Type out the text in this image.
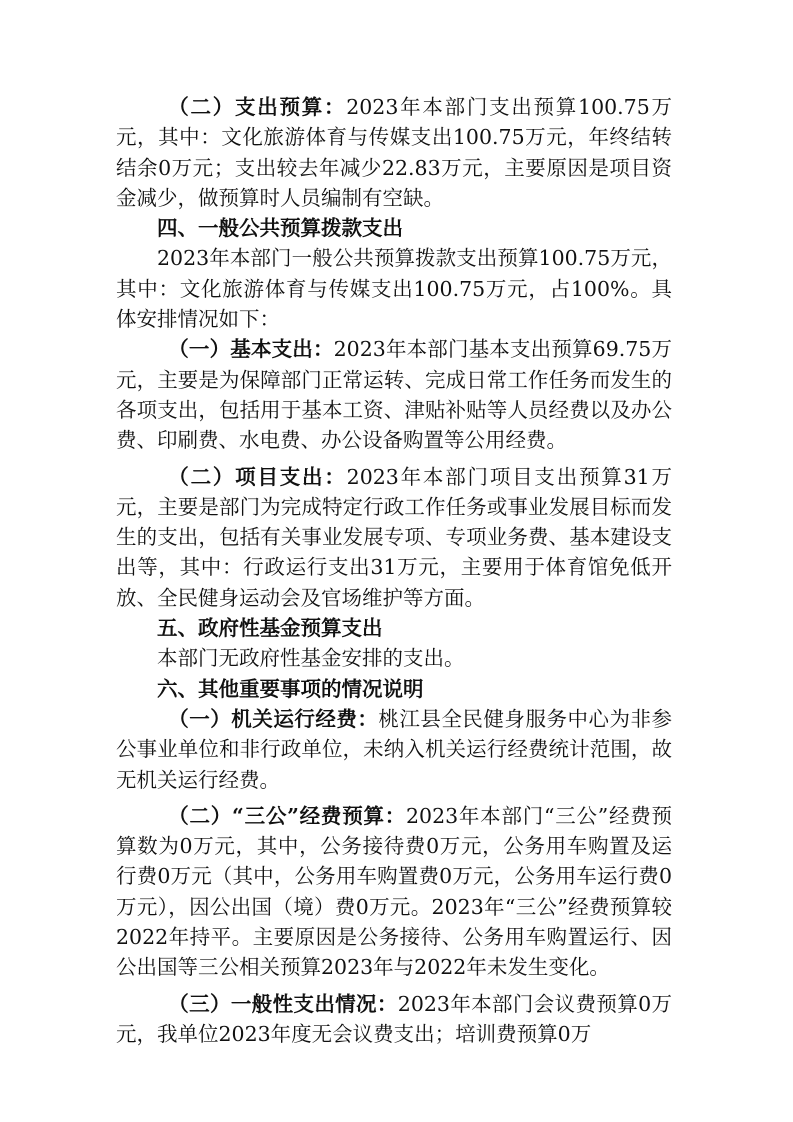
（二）支出预算：2023年本部门支出预算100.75万元，其中：文化旅游体育与传媒支出100.75万元，年终结转结余0万元；支出较去年减少22.83万元，主要原因是项目资金减少，做预算时人员编制有空缺。

四、一般公共预算拨款支出

2023年本部门一般公共预算拨款支出预算100.75万元，其中：文化旅游体育与传媒支出100.75万元，占100%。具体安排情况如下：

（一）基本支出：2023年本部门基本支出预算69.75万元，主要是为保障部门正常运转、完成日常工作任务而发生的各项支出，包括用于基本工资、津贴补贴等人员经费以及办公费、印刷费、水电费、办公设备购置等公用经费。

（二）项目支出：2023年本部门项目支出预算31万元，主要是部门为完成特定行政工作任务或事业发展目标而发生的支出，包括有关事业发展专项、专项业务费、基本建设支出等，其中：行政运行支出31万元，主要用于体育馆免低开放、全民健身运动会及官场维护等方面。

五、政府性基金预算支出

本部门无政府性基金安排的支出。

六、其他重要事项的情况说明

（一）机关运行经费：桃江县全民健身服务中心为非参公事业单位和非行政单位，未纳入机关运行经费统计范围，故无机关运行经费。

（二）“三公”经费预算：2023年本部门“三公”经费预算数为0万元，其中，公务接待费0万元，公务用车购置及运行费0万元（其中，公务用车购置费0万元，公务用车运行费0万元），因公出国（境）费0万元。2023年“三公”经费预算较2022年持平。主要原因是公务接待、公务用车购置运行、因公出国等三公相关预算2023年与2022年未发生变化。

（三）一般性支出情况：2023年本部门会议费预算0万元，我单位2023年度无会议费支出；培训费预算0万
